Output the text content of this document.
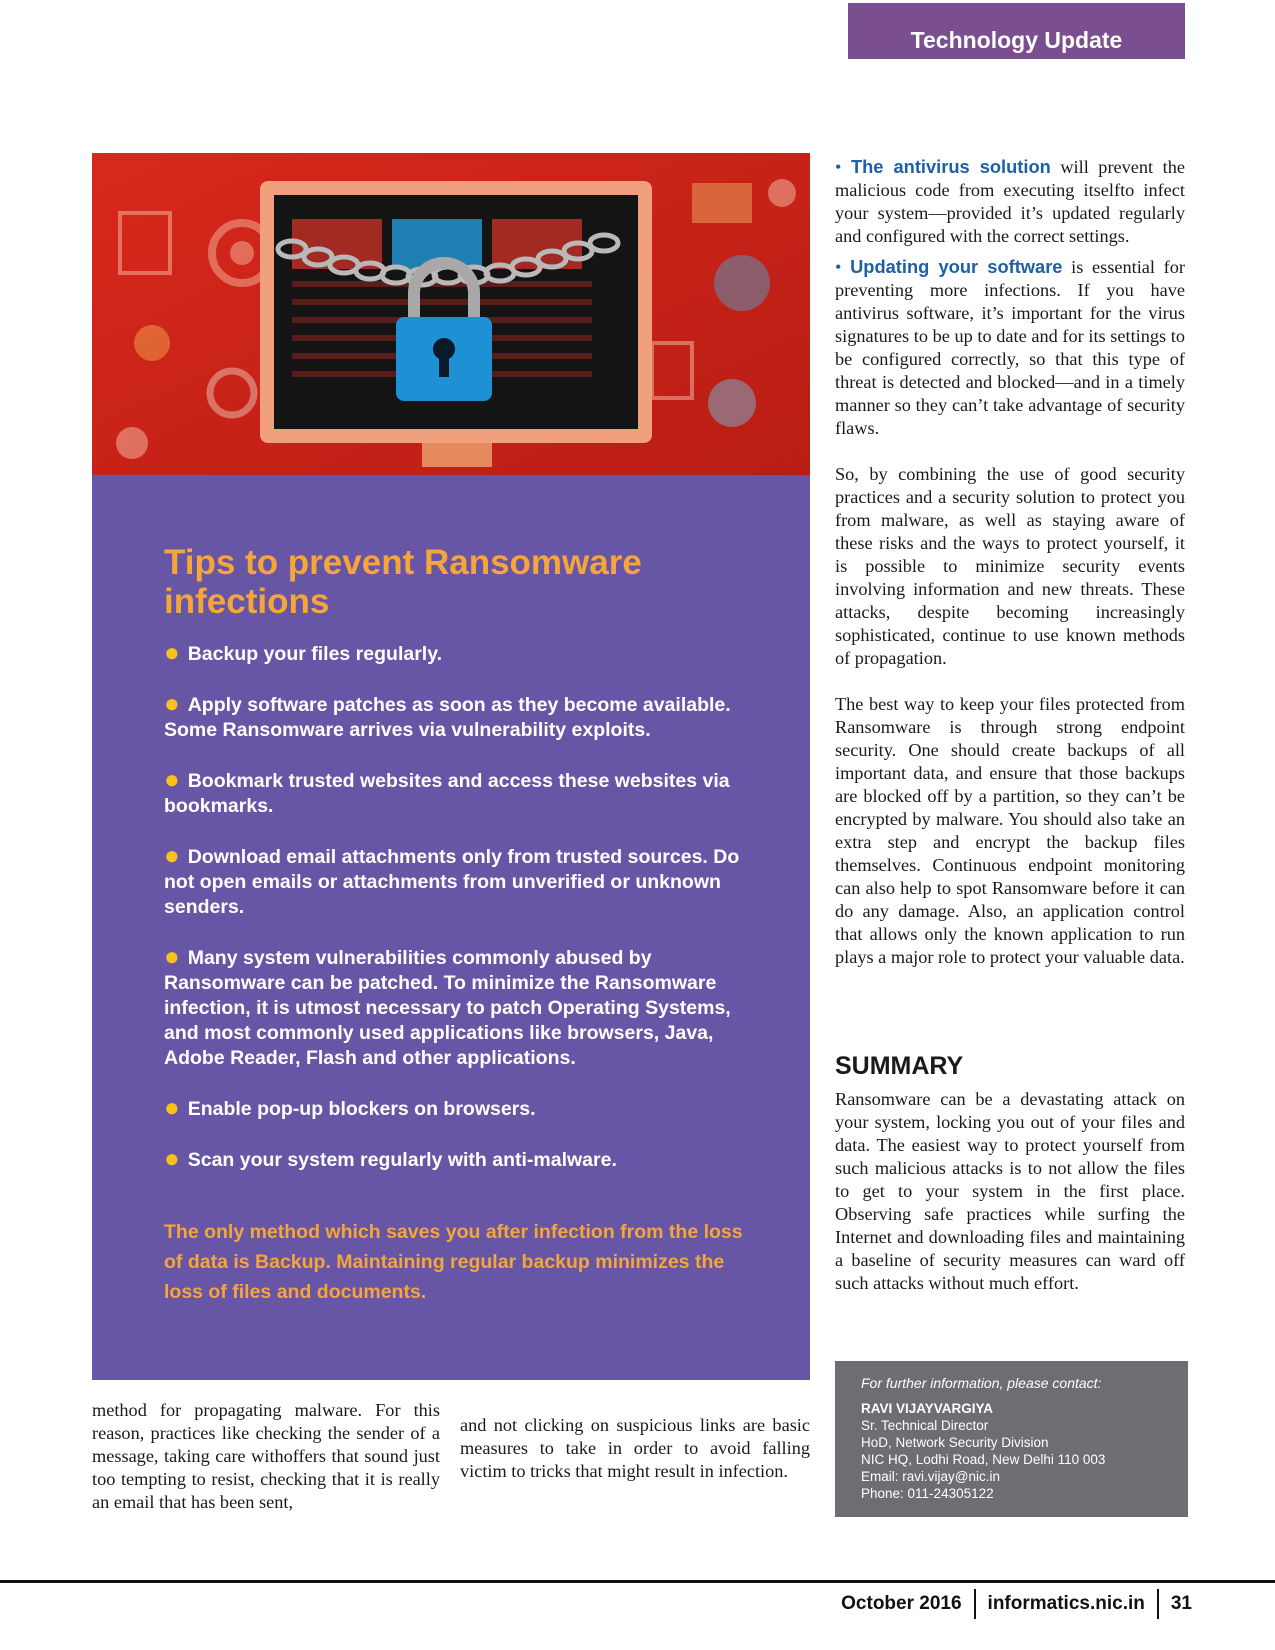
Technology Update
Tips to prevent Ransomware infections
● Backup your files regularly.
● Apply software patches as soon as they become available. Some Ransomware arrives via vulnerability exploits.
● Bookmark trusted websites and access these websites via bookmarks.
● Download email attachments only from trusted sources. Do not open emails or attachments from unverified or unknown senders.
● Many system vulnerabilities commonly abused by Ransomware can be patched. To minimize the Ransomware infection, it is utmost necessary to patch Operating Systems, and most commonly used applications like browsers, Java, Adobe Reader, Flash and other applications.
● Enable pop-up blockers on browsers.
● Scan your system regularly with anti-malware.

The only method which saves you after infection from the loss of data is Backup. Maintaining regular backup minimizes the loss of files and documents.

• The antivirus solution will prevent the malicious code from executing itselfto infect your system—provided it’s updated regularly and configured with the correct settings.

• Updating your software is essential for preventing more infections. If you have antivirus software, it’s important for the virus signatures to be up to date and for its settings to be configured correctly, so that this type of threat is detected and blocked—and in a timely manner so they can’t take advantage of security flaws.

So, by combining the use of good security practices and a security solution to protect you from malware, as well as staying aware of these risks and the ways to protect yourself, it is possible to minimize security events involving information and new threats. These attacks, despite becoming increasingly sophisticated, continue to use known methods of propagation.

The best way to keep your files protected from Ransomware is through strong endpoint security. One should create backups of all important data, and ensure that those backups are blocked off by a partition, so they can’t be encrypted by malware. You should also take an extra step and encrypt the backup files themselves. Continuous endpoint monitoring can also help to spot Ransomware before it can do any damage. Also, an application control that allows only the known application to run plays a major role to protect your valuable data.

SUMMARY

Ransomware can be a devastating attack on your system, locking you out of your files and data. The easiest way to protect yourself from such malicious attacks is to not allow the files to get to your system in the first place. Observing safe practices while surfing the Internet and downloading files and maintaining a baseline of security measures can ward off such attacks without much effort.

method for propagating malware. For this reason, practices like checking the sender of a message, taking care withoffers that sound just too tempting to resist, checking that it is really an email that has been sent,

and not clicking on suspicious links are basic measures to take in order to avoid falling victim to tricks that might result in infection.

For further information, please contact:
RAVI VIJAYVARGIYA
Sr. Technical Director
HoD, Network Security Division
NIC HQ, Lodhi Road, New Delhi 110 003
Email: ravi.vijay@nic.in
Phone: 011-24305122
October 2016 informatics.nic.in 31
